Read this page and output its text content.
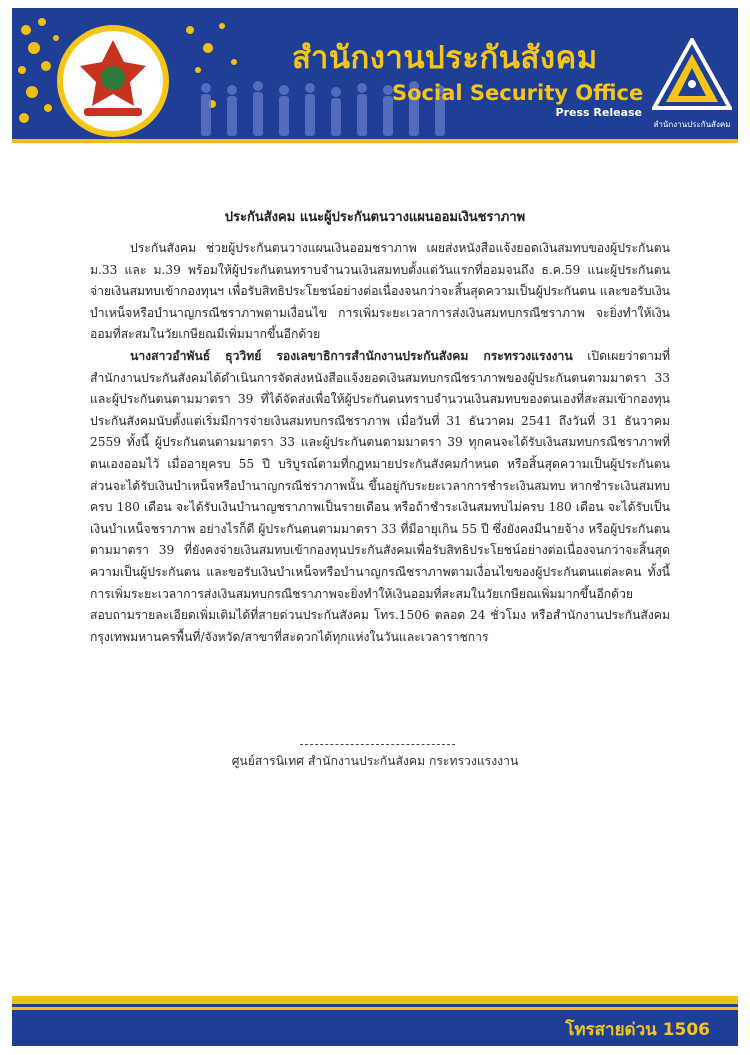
สำนักงานประกันสังคม
Social Security Office
Press Release
สำนักงานประกันสังคม
ประกันสังคม แนะผู้ประกันตนวางแผนออมเงินชราภาพ

ประกันสังคม ช่วยผู้ประกันตนวางแผนเงินออมชราภาพ เผยส่งหนังสือแจ้งยอดเงินสมทบของผู้ประกันตน ม.33 และ ม.39 พร้อมให้ผู้ประกันตนทราบจำนวนเงินสมทบตั้งแต่วันแรกที่ออมจนถึง ธ.ค.59 แนะผู้ประกันตน จ่ายเงินสมทบเข้ากองทุนฯ เพื่อรับสิทธิประโยชน์อย่างต่อเนื่องจนกว่าจะสิ้นสุดความเป็นผู้ประกันตน และขอรับเงินบำเหน็จหรือบำนาญกรณีชราภาพตามเงื่อนไข การเพิ่มระยะเวลาการส่งเงินสมทบกรณีชราภาพ จะยิ่งทำให้เงินออมที่สะสมในวัยเกษียณมีเพิ่มมากขึ้นอีกด้วย

นางสาวอำพันธ์ ธุววิทย์ รองเลขาธิการสำนักงานประกันสังคม กระทรวงแรงงาน เปิดเผยว่าตามที่สำนักงานประกันสังคมได้ดำเนินการจัดส่งหนังสือแจ้งยอดเงินสมทบกรณีชราภาพของผู้ประกันตนตามมาตรา 33 และผู้ประกันตนตามมาตรา 39 ที่ได้จัดส่งเพื่อให้ผู้ประกันตนทราบจำนวนเงินสมทบของตนเองที่สะสมเข้ากองทุนประกันสังคมนับตั้งแต่เริ่มมีการจ่ายเงินสมทบกรณีชราภาพ เมื่อวันที่ 31 ธันวาคม 2541 ถึงวันที่ 31 ธันวาคม 2559 ทั้งนี้ ผู้ประกันตนตามมาตรา 33 และผู้ประกันตนตามมาตรา 39 ทุกคนจะได้รับเงินสมทบกรณีชราภาพที่ตนเองออมไว้ เมื่ออายุครบ 55 ปี บริบูรณ์ตามที่กฎหมายประกันสังคมกำหนด หรือสิ้นสุดความเป็นผู้ประกันตน ส่วนจะได้รับเงินบำเหน็จหรือบำนาญกรณีชราภาพนั้น ขึ้นอยู่กับระยะเวลาการชำระเงินสมทบ หากชำระเงินสมทบครบ 180 เดือน จะได้รับเงินบำนาญชราภาพเป็นรายเดือน หรือถ้าชำระเงินสมทบไม่ครบ 180 เดือน จะได้รับเป็นเงินบำเหน็จชราภาพ อย่างไรก็ดี ผู้ประกันตนตามมาตรา 33 ที่มีอายุเกิน 55 ปี ซึ่งยังคงมีนายจ้าง หรือผู้ประกันตนตามมาตรา 39 ที่ยังคงจ่ายเงินสมทบเข้ากองทุนประกันสังคมเพื่อรับสิทธิประโยชน์อย่างต่อเนื่องจนกว่าจะสิ้นสุดความเป็นผู้ประกันตน และขอรับเงินบำเหน็จหรือบำนาญกรณีชราภาพตามเงื่อนไขของผู้ประกันตนแต่ละคน ทั้งนี้การเพิ่มระยะเวลาการส่งเงินสมทบกรณีชราภาพจะยิ่งทำให้เงินออมที่สะสมในวัยเกษียณเพิ่มมากขึ้นอีกด้วย สอบถามรายละเอียดเพิ่มเติมได้ที่สายด่วนประกันสังคม โทร.1506 ตลอด 24 ชั่วโมง หรือสำนักงานประกันสังคมกรุงเทพมหานครพื้นที่/จังหวัด/สาขาที่สะดวกได้ทุกแห่งในวันและเวลาราชการ

ศูนย์สารนิเทศ สำนักงานประกันสังคม กระทรวงแรงงาน
โทรสายด่วน 1506
